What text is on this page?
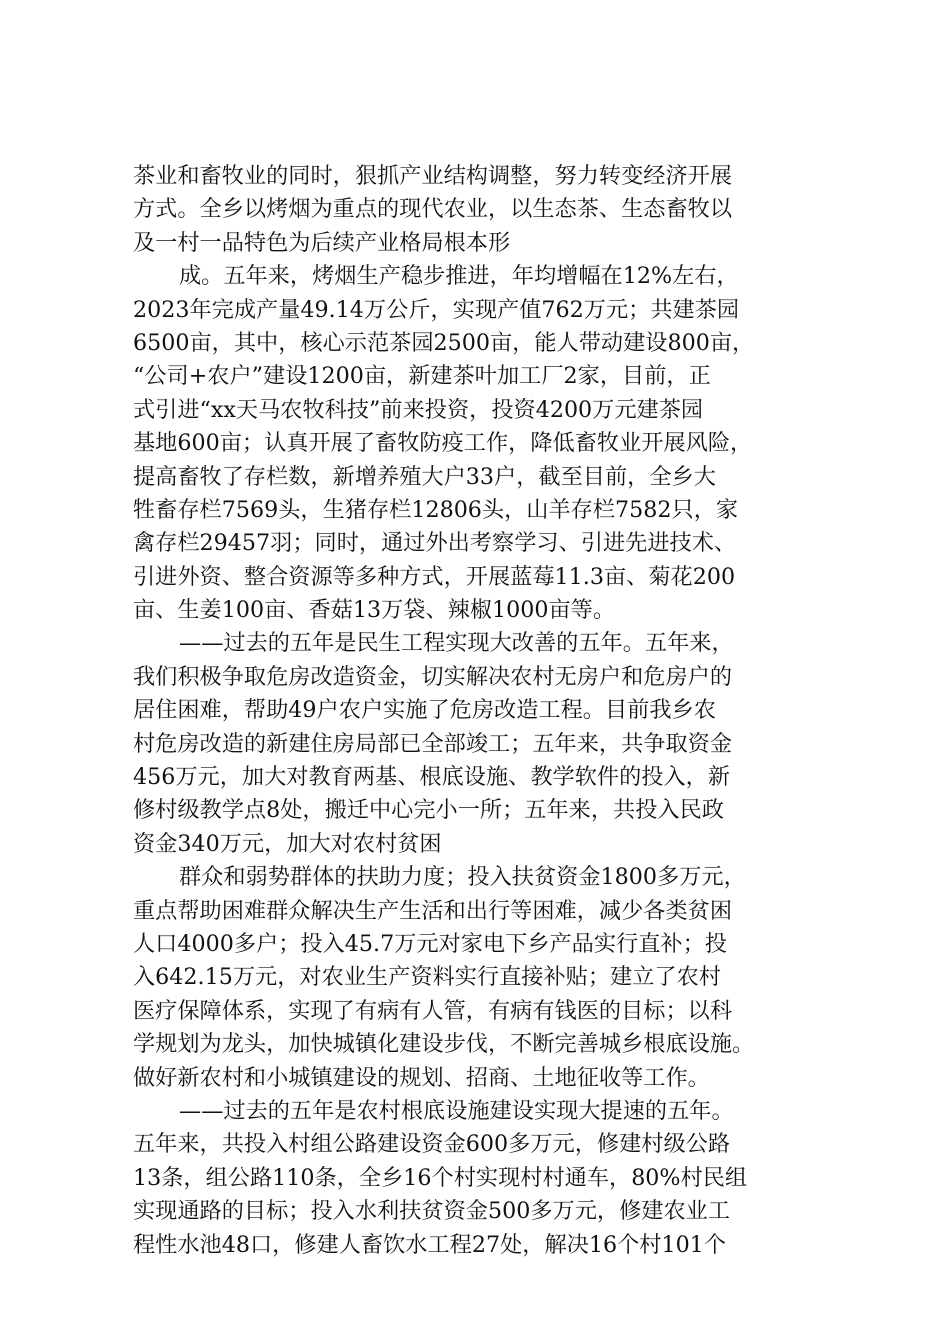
茶业和畜牧业的同时，狠抓产业结构调整，努力转变经济开展
方式。全乡以烤烟为重点的现代农业，以生态茶、生态畜牧以
及一村一品特色为后续产业格局根本形
成。五年来，烤烟生产稳步推进，年均增幅在12%左右，
2023年完成产量49.14万公斤，实现产值762万元；共建茶园
6500亩，其中，核心示范茶园2500亩，能人带动建设800亩，
“公司+农户”建设1200亩，新建茶叶加工厂2家，目前，正
式引进“xx天马农牧科技”前来投资，投资4200万元建茶园
基地600亩；认真开展了畜牧防疫工作，降低畜牧业开展风险，
提高畜牧了存栏数，新增养殖大户33户，截至目前，全乡大
牲畜存栏7569头，生猪存栏12806头，山羊存栏7582只，家
禽存栏29457羽；同时，通过外出考察学习、引进先进技术、
引进外资、整合资源等多种方式，开展蓝莓11.3亩、菊花200
亩、生姜100亩、香菇13万袋、辣椒1000亩等。
——过去的五年是民生工程实现大改善的五年。五年来，
我们积极争取危房改造资金，切实解决农村无房户和危房户的
居住困难，帮助49户农户实施了危房改造工程。目前我乡农
村危房改造的新建住房局部已全部竣工；五年来，共争取资金
456万元，加大对教育两基、根底设施、教学软件的投入，新
修村级教学点8处，搬迁中心完小一所；五年来，共投入民政
资金340万元，加大对农村贫困
群众和弱势群体的扶助力度；投入扶贫资金1800多万元，
重点帮助困难群众解决生产生活和出行等困难，减少各类贫困
人口4000多户；投入45.7万元对家电下乡产品实行直补；投
入642.15万元，对农业生产资料实行直接补贴；建立了农村
医疗保障体系，实现了有病有人管，有病有钱医的目标；以科
学规划为龙头，加快城镇化建设步伐，不断完善城乡根底设施。
做好新农村和小城镇建设的规划、招商、土地征收等工作。
——过去的五年是农村根底设施建设实现大提速的五年。
五年来，共投入村组公路建设资金600多万元，修建村级公路
13条，组公路110条，全乡16个村实现村村通车，80%村民组
实现通路的目标；投入水利扶贫资金500多万元，修建农业工
程性水池48口，修建人畜饮水工程27处，解决16个村101个
